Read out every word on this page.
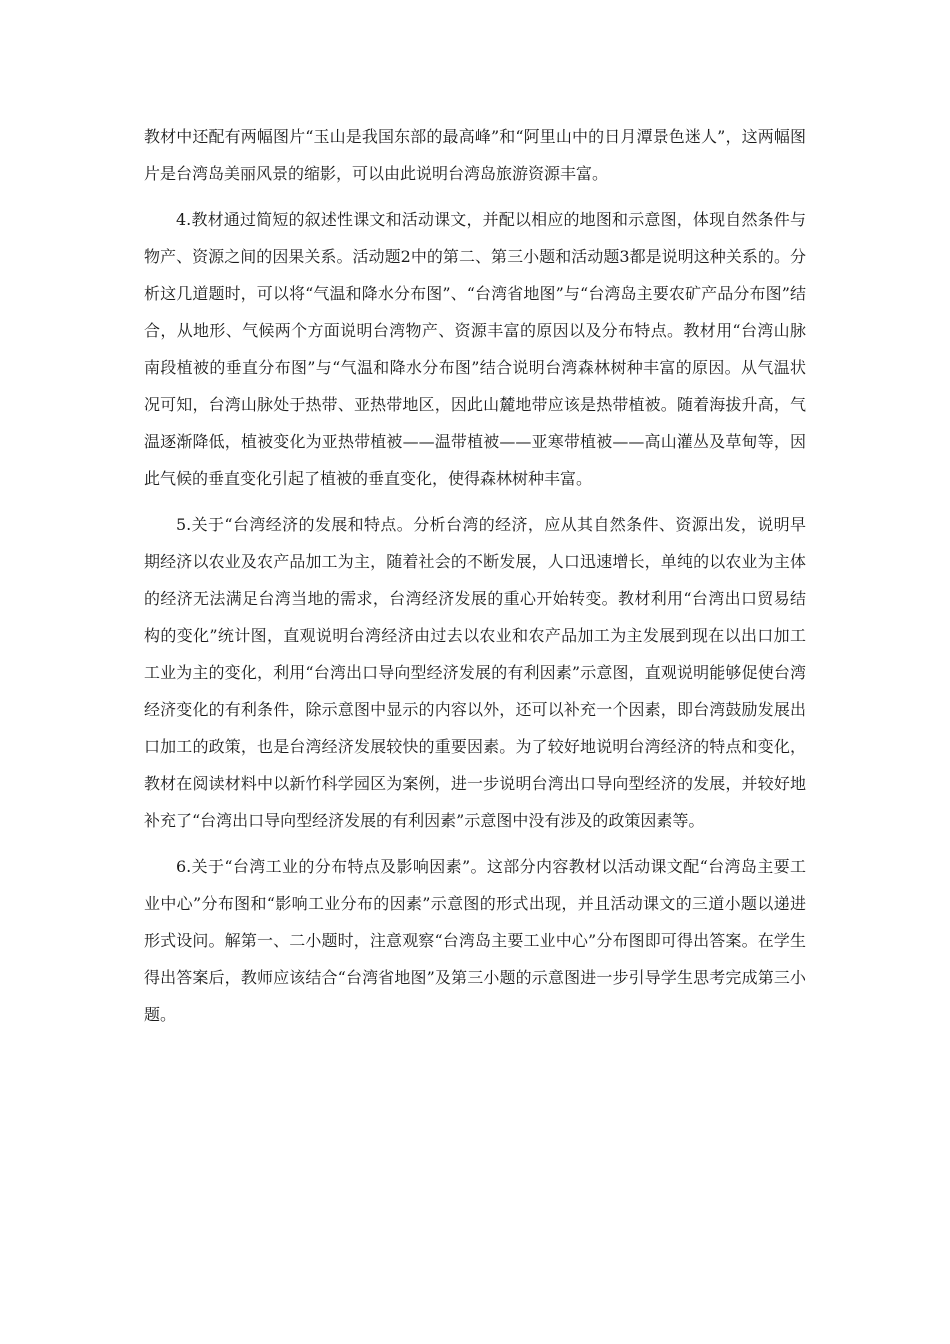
教材中还配有两幅图片“玉山是我国东部的最高峰”和“阿里山中的日月潭景色迷人”，这两幅图片是台湾岛美丽风景的缩影，可以由此说明台湾岛旅游资源丰富。

4.教材通过简短的叙述性课文和活动课文，并配以相应的地图和示意图，体现自然条件与物产、资源之间的因果关系。活动题2中的第二、第三小题和活动题3都是说明这种关系的。分析这几道题时，可以将“气温和降水分布图”、“台湾省地图”与“台湾岛主要农矿产品分布图”结合，从地形、气候两个方面说明台湾物产、资源丰富的原因以及分布特点。教材用“台湾山脉南段植被的垂直分布图”与“气温和降水分布图”结合说明台湾森林树种丰富的原因。从气温状况可知，台湾山脉处于热带、亚热带地区，因此山麓地带应该是热带植被。随着海拔升高，气温逐渐降低，植被变化为亚热带植被——温带植被——亚寒带植被——高山灌丛及草甸等，因此气候的垂直变化引起了植被的垂直变化，使得森林树种丰富。

5.关于“台湾经济的发展和特点。分析台湾的经济，应从其自然条件、资源出发，说明早期经济以农业及农产品加工为主，随着社会的不断发展，人口迅速增长，单纯的以农业为主体的经济无法满足台湾当地的需求，台湾经济发展的重心开始转变。教材利用“台湾出口贸易结构的变化”统计图，直观说明台湾经济由过去以农业和农产品加工为主发展到现在以出口加工工业为主的变化，利用“台湾出口导向型经济发展的有利因素”示意图，直观说明能够促使台湾经济变化的有利条件，除示意图中显示的内容以外，还可以补充一个因素，即台湾鼓励发展出口加工的政策，也是台湾经济发展较快的重要因素。为了较好地说明台湾经济的特点和变化，教材在阅读材料中以新竹科学园区为案例，进一步说明台湾出口导向型经济的发展，并较好地补充了“台湾出口导向型经济发展的有利因素”示意图中没有涉及的政策因素等。

6.关于“台湾工业的分布特点及影响因素”。这部分内容教材以活动课文配“台湾岛主要工业中心”分布图和“影响工业分布的因素”示意图的形式出现，并且活动课文的三道小题以递进形式设问。解第一、二小题时，注意观察“台湾岛主要工业中心”分布图即可得出答案。在学生得出答案后，教师应该结合“台湾省地图”及第三小题的示意图进一步引导学生思考完成第三小题。
